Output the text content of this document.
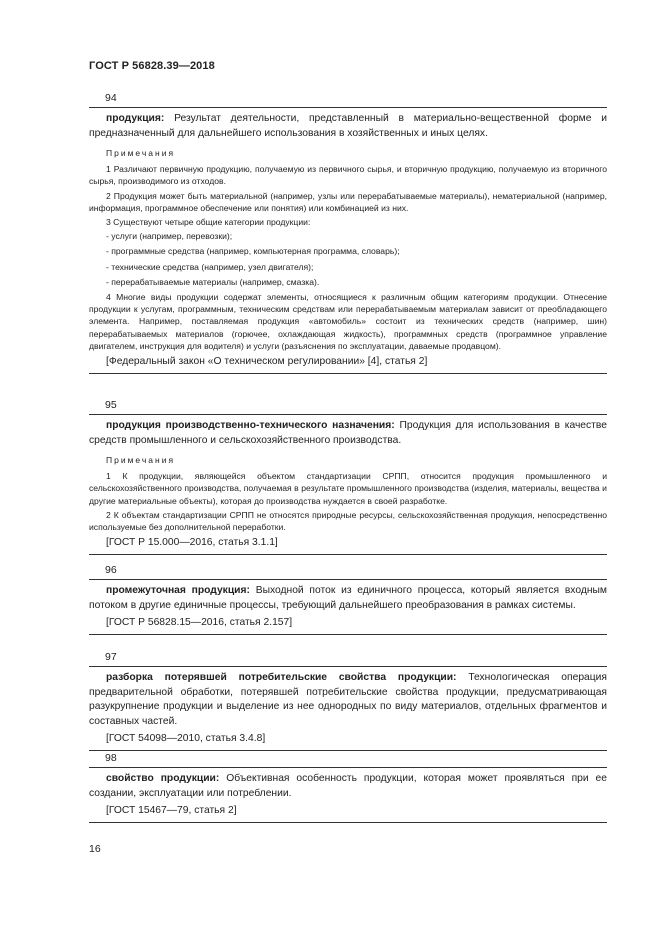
ГОСТ Р 56828.39—2018
94

продукция: Результат деятельности, представленный в материально-вещественной форме и предназначенный для дальнейшего использования в хозяйственных и иных целях.

Примечания

1 Различают первичную продукцию, получаемую из первичного сырья, и вторичную продукцию, получаемую из вторичного сырья, производимого из отходов.

2 Продукция может быть материальной (например, узлы или перерабатываемые материалы), нематериальной (например, информация, программное обеспечение или понятия) или комбинацией из них.

3 Существуют четыре общие категории продукции:

- услуги (например, перевозки);

- программные средства (например, компьютерная программа, словарь);

- технические средства (например, узел двигателя);

- перерабатываемые материалы (например, смазка).

4 Многие виды продукции содержат элементы, относящиеся к различным общим категориям продукции. Отнесение продукции к услугам, программным, техническим средствам или перерабатываемым материалам зависит от преобладающего элемента. Например, поставляемая продукция «автомобиль» состоит из технических средств (например, шин) перерабатываемых материалов (горючее, охлаждающая жидкость), программных средств (программное управление двигателем, инструкция для водителя) и услуги (разъяснения по эксплуатации, даваемые продавцом).

[Федеральный закон «О техническом регулировании» [4], статья 2]

95

продукция производственно-технического назначения: Продукция для использования в качестве средств промышленного и сельскохозяйственного производства.

Примечания

1 К продукции, являющейся объектом стандартизации СРПП, относится продукция промышленного и сельскохозяйственного производства, получаемая в результате промышленного производства (изделия, материалы, вещества и другие материальные объекты), которая до производства нуждается в своей разработке.

2 К объектам стандартизации СРПП не относятся природные ресурсы, сельскохозяйственная продукция, непосредственно используемые без дополнительной переработки.

[ГОСТ Р 15.000—2016, статья 3.1.1]

96

промежуточная продукция: Выходной поток из единичного процесса, который является входным потоком в другие единичные процессы, требующий дальнейшего преобразования в рамках системы.

[ГОСТ Р 56828.15—2016, статья 2.157]

97

разборка потерявшей потребительские свойства продукции: Технологическая операция предварительной обработки, потерявшей потребительские свойства продукции, предусматривающая разукрупнение продукции и выделение из нее однородных по виду материалов, отдельных фрагментов и составных частей.

[ГОСТ 54098—2010, статья 3.4.8]

98

свойство продукции: Объективная особенность продукции, которая может проявляться при ее создании, эксплуатации или потреблении.

[ГОСТ 15467—79, статья 2]

16
